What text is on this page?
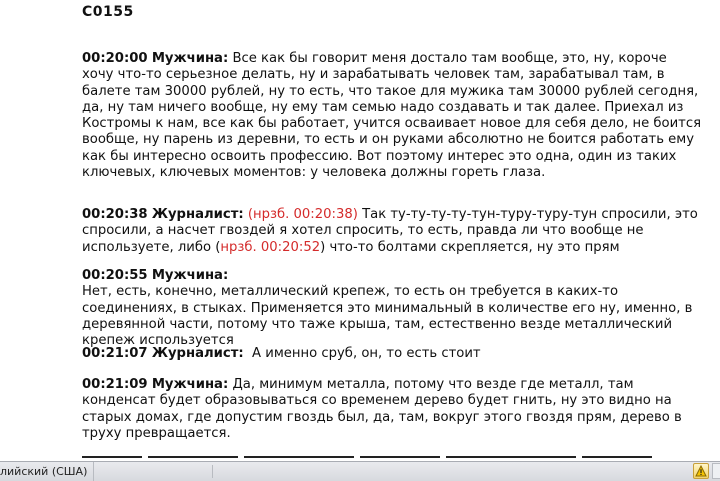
C0155

00:20:00 Мужчина: Все как бы говорит меня достало там вообще, это, ну, короче хочу что-то серьезное делать, ну и зарабатывать человек там, зарабатывал там, в балете там 30000 рублей, ну то есть, что такое для мужика там 30000 рублей сегодня, да, ну там ничего вообще, ну ему там семью надо создавать и так далее. Приехал из Костромы к нам, все как бы работает, учится осваивает новое для себя дело, не боится вообще, ну парень из деревни, то есть и он руками абсолютно не боится работать ему как бы интересно освоить профессию. Вот поэтому интерес это одна, один из таких ключевых, ключевых моментов: у человека должны гореть глаза.

00:20:38 Журналист: (нрзб. 00:20:38) Так ту-ту-ту-ту-тун-туру-туру-тун спросили, это спросили, а насчет гвоздей я хотел спросить, то есть, правда ли что вообще не используете, либо (нрзб. 00:20:52) что-то болтами скрепляется, ну это прям

00:20:55 Мужчина:
Нет, есть, конечно, металлический крепеж, то есть он требуется в каких-то соединениях, в стыках. Применяется это минимальный в количестве его ну, именно, в деревянной части, потому что таже крыша, там, естественно везде металлический крепеж используется

00:21:07 Журналист: А именно сруб, он, то есть стоит

00:21:09 Мужчина: Да, минимум металла, потому что везде где металл, там конденсат будет образовываться со временем дерево будет гнить, ну это видно на старых домах, где допустим гвоздь был, да, там, вокруг этого гвоздя прям, дерево в труху превращается.

лийский (США)
